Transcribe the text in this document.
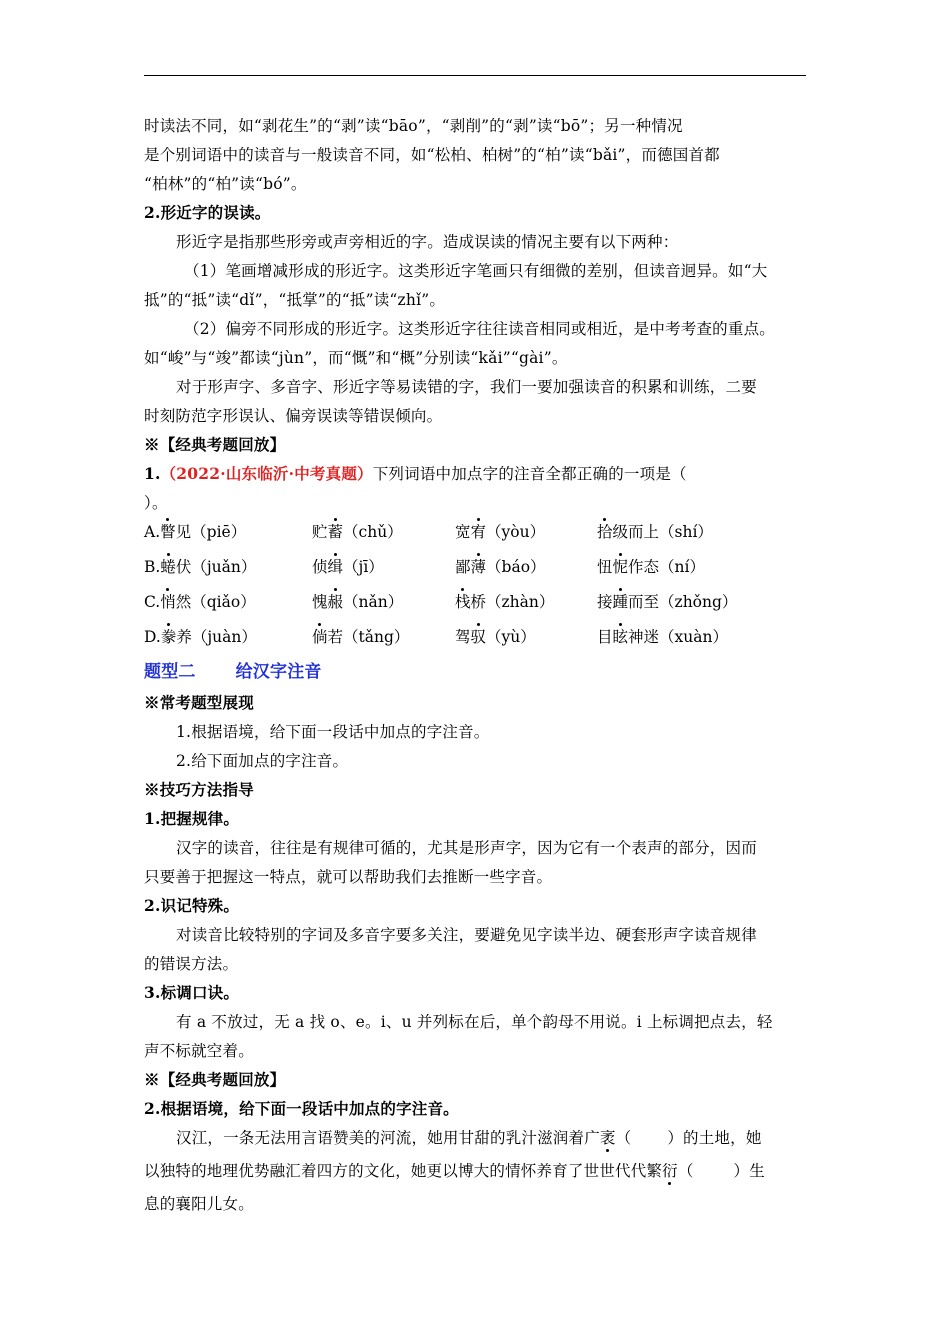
时读法不同，如“剥花生”的“剥”读“bāo”，“剥削”的“剥”读“bō”；另一种情况
是个别词语中的读音与一般读音不同，如“松柏、柏树”的“柏”读“bǎi”，而德国首都
“柏林”的“柏”读“bó”。
2.形近字的误读。
形近字是指那些形旁或声旁相近的字。造成误读的情况主要有以下两种：
（1）笔画增减形成的形近字。这类形近字笔画只有细微的差别，但读音迥异。如“大
抵”的“抵”读“dǐ”，“抵掌”的“抵”读“zhǐ”。
（2）偏旁不同形成的形近字。这类形近字往往读音相同或相近，是中考考查的重点。
如“峻”与“竣”都读“jùn”，而“慨”和“概”分别读“kǎi”“gài”。
对于形声字、多音字、形近字等易读错的字，我们一要加强读音的积累和训练，二要
时刻防范字形误认、偏旁误读等错误倾向。
※【经典考题回放】
1.（2022·山东临沂·中考真题）下列词语中加点字的注音全都正确的一项是（
）。
A.瞥见（piē）	贮蓄（chǔ）	宽宥（yòu）	拾级而上（shí）
B.蜷伏（juǎn）	侦缉（jī）	鄙薄（báo）	忸怩作态（ní）
C.悄然（qiǎo）	愧赧（nǎn）	栈桥（zhàn）	接踵而至（zhǒng）
D.豢养（juàn）	倘若（tǎng）	驾驭（yù）	目眩神迷（xuàn）
题型二 给汉字注音
※常考题型展现
1.根据语境，给下面一段话中加点的字注音。
2.给下面加点的字注音。
※技巧方法指导
1.把握规律。
汉字的读音，往往是有规律可循的，尤其是形声字，因为它有一个表声的部分，因而
只要善于把握这一特点，就可以帮助我们去推断一些字音。
2.识记特殊。
对读音比较特别的字词及多音字要多关注，要避免见字读半边、硬套形声字读音规律
的错误方法。
3.标调口诀。
有 a 不放过，无 a 找 o、e。i、u 并列标在后，单个韵母不用说。i 上标调把点去，轻
声不标就空着。
※【经典考题回放】
2.根据语境，给下面一段话中加点的字注音。
汉江，一条无法用言语赞美的河流，她用甘甜的乳汁滋润着广袤（ ）的土地，她
以独特的地理优势融汇着四方的文化，她更以博大的情怀养育了世世代代繁衍（	）生
息的襄阳儿女。
